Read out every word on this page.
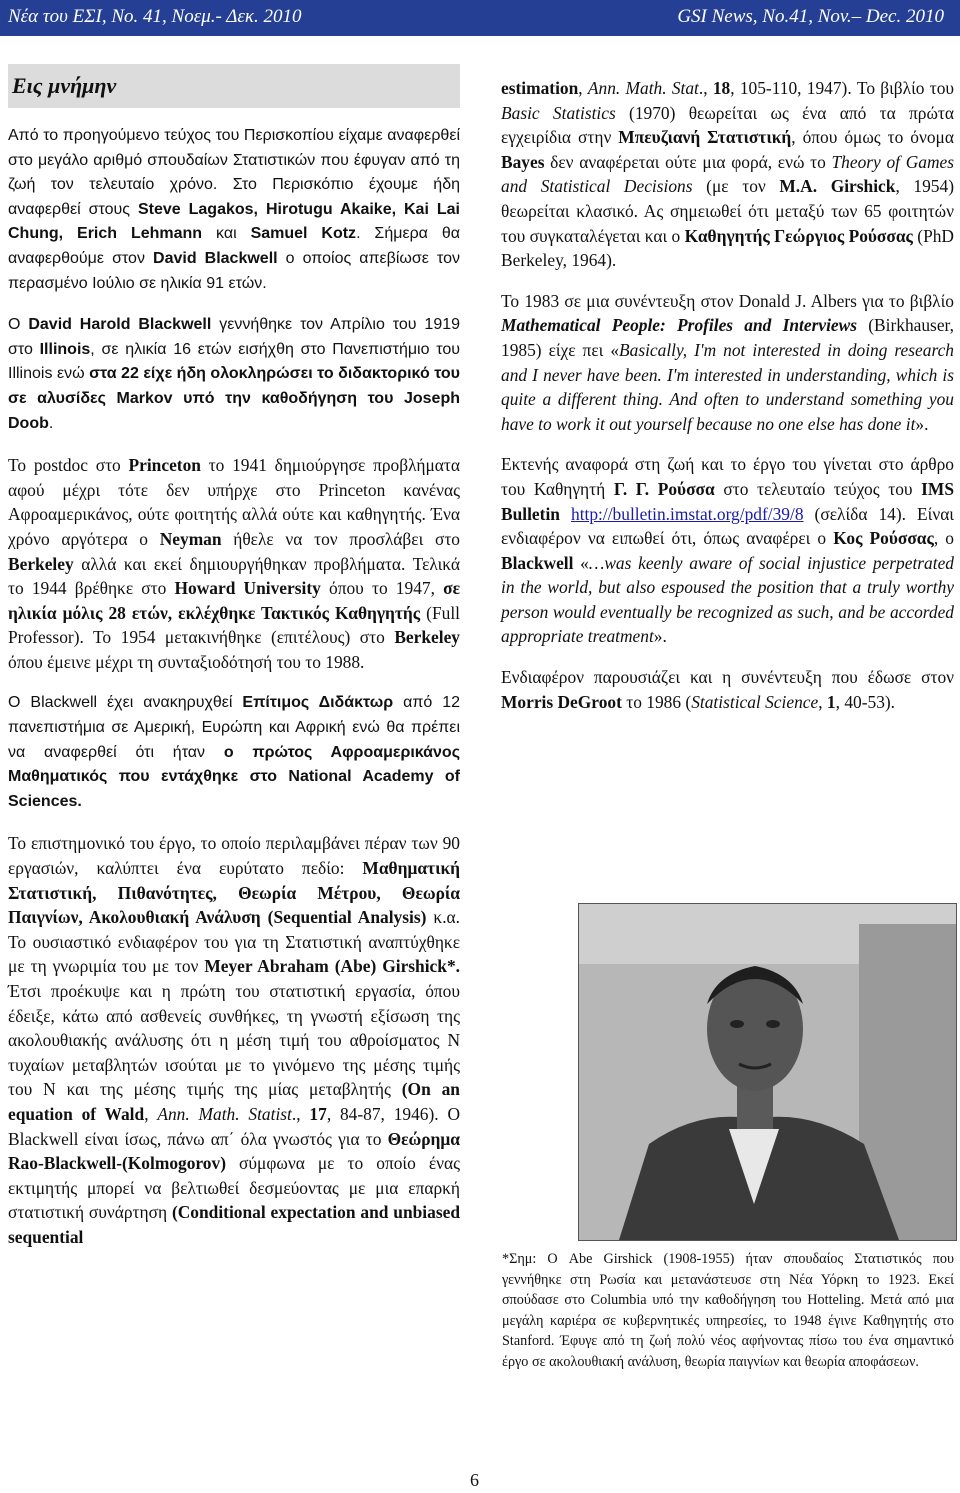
Νέα του ΕΣΙ, Νο. 41, Νοεμ.- Δεκ. 2010	GSI News, No.41, Nov.– Dec. 2010
Εις μνήμην

Από το προηγούμενο τεύχος του Περισκοπίου είχαμε αναφερθεί στο μεγάλο αριθμό σπουδαίων Στατιστικών που έφυγαν από τη ζωή τον τελευταίο χρόνο. Στο Περισκόπιο έχουμε ήδη αναφερθεί στους Steve Lagakos, Hirotugu Akaike, Kai Lai Chung, Erich Lehmann και Samuel Kotz. Σήμερα θα αναφερθούμε στον David Blackwell ο οποίος απεβίωσε τον περασμένο Ιούλιο σε ηλικία 91 ετών.

Ο David Harold Blackwell γεννήθηκε τον Απρίλιο του 1919 στο Illinois, σε ηλικία 16 ετών εισήχθη στο Πανεπιστήμιο του Illinois ενώ στα 22 είχε ήδη ολοκληρώσει το διδακτορικό του σε αλυσίδες Markov υπό την καθοδήγηση του Joseph Doob.

Το postdoc στο Princeton το 1941 δημιούργησε προβλήματα αφού μέχρι τότε δεν υπήρχε στο Princeton κανένας Αφροαμερικάνος, ούτε φοιτητής αλλά ούτε και καθηγητής. Ένα χρόνο αργότερα ο Neyman ήθελε να τον προσλάβει στο Berkeley αλλά και εκεί δημιουργήθηκαν προβλήματα. Τελικά το 1944 βρέθηκε στο Howard University όπου το 1947, σε ηλικία μόλις 28 ετών, εκλέχθηκε Τακτικός Καθηγητής (Full Professor). Το 1954 μετακινήθηκε (επιτέλους) στο Berkeley όπου έμεινε μέχρι τη συνταξιοδότησή του το 1988.

Ο Blackwell έχει ανακηρυχθεί Επίτιμος Διδάκτωρ από 12 πανεπιστήμια σε Αμερική, Ευρώπη και Αφρική ενώ θα πρέπει να αναφερθεί ότι ήταν ο πρώτος Αφροαμερικάνος Μαθηματικός που εντάχθηκε στο National Academy of Sciences.

Το επιστημονικό του έργο, το οποίο περιλαμβάνει πέραν των 90 εργασιών, καλύπτει ένα ευρύτατο πεδίο: Μαθηματική Στατιστική, Πιθανότητες, Θεωρία Μέτρου, Θεωρία Παιγνίων, Ακολουθιακή Ανάλυση (Sequential Analysis) κ.α. Το ουσιαστικό ενδιαφέρον του για τη Στατιστική αναπτύχθηκε με τη γνωριμία του με τον Meyer Abraham (Abe) Girshick*. Έτσι προέκυψε και η πρώτη του στατιστική εργασία, όπου έδειξε, κάτω από ασθενείς συνθήκες, τη γνωστή εξίσωση της ακολουθιακής ανάλυσης ότι η μέση τιμή του αθροίσματος N τυχαίων μεταβλητών ισούται με το γινόμενο της μέσης τιμής του N και της μέσης τιμής της μίας μεταβλητής (On an equation of Wald, Ann. Math. Statist., 17, 84-87, 1946). Ο Blackwell είναι ίσως, πάνω απ΄ όλα γνωστός για το Θεώρημα Rao-Blackwell-(Kolmogorov) σύμφωνα με το οποίο ένας εκτιμητής μπορεί να βελτιωθεί δεσμεύοντας με μια επαρκή στατιστική συνάρτηση (Conditional expectation and unbiased sequential

estimation, Ann. Math. Stat., 18, 105-110, 1947). Το βιβλίο του Basic Statistics (1970) θεωρείται ως ένα από τα πρώτα εγχειρίδια στην Μπευζιανή Στατιστική, όπου όμως το όνομα Bayes δεν αναφέρεται ούτε μια φορά, ενώ το Theory of Games and Statistical Decisions (με τον M.A. Girshick, 1954) θεωρείται κλασικό. Ας σημειωθεί ότι μεταξύ των 65 φοιτητών του συγκαταλέγεται και ο Καθηγητής Γεώργιος Ρούσσας (PhD Berkeley, 1964).

Το 1983 σε μια συνέντευξη στον Donald J. Albers για το βιβλίο Mathematical People: Profiles and Interviews (Birkhauser, 1985) είχε πει «Basically, I'm not interested in doing research and I never have been. I'm interested in understanding, which is quite a different thing. And often to understand something you have to work it out yourself because no one else has done it».

Εκτενής αναφορά στη ζωή και το έργο του γίνεται στο άρθρο του Καθηγητή Γ. Γ. Ρούσσα στο τελευταίο τεύχος του IMS Bulletin http://bulletin.imstat.org/pdf/39/8 (σελίδα 14). Είναι ενδιαφέρον να ειπωθεί ότι, όπως αναφέρει ο Κος Ρούσσας, ο Blackwell «…was keenly aware of social injustice perpetrated in the world, but also espoused the position that a truly worthy person would eventually be recognized as such, and be accorded appropriate treatment».

Ενδιαφέρον παρουσιάζει και η συνέντευξη που έδωσε στον Morris DeGroot το 1986 (Statistical Science, 1, 40-53).

*Σημ: Ο Abe Girshick (1908-1955) ήταν σπουδαίος Στατιστικός που γεννήθηκε στη Ρωσία και μετανάστευσε στη Νέα Υόρκη το 1923. Εκεί σπούδασε στο Columbia υπό την καθοδήγηση του Hotteling. Μετά από μια μεγάλη καριέρα σε κυβερνητικές υπηρεσίες, το 1948 έγινε Καθηγητής στο Stanford. Έφυγε από τη ζωή πολύ νέος αφήνοντας πίσω του ένα σημαντικό έργο σε ακολουθιακή ανάλυση, θεωρία παιγνίων και θεωρία αποφάσεων.
6
